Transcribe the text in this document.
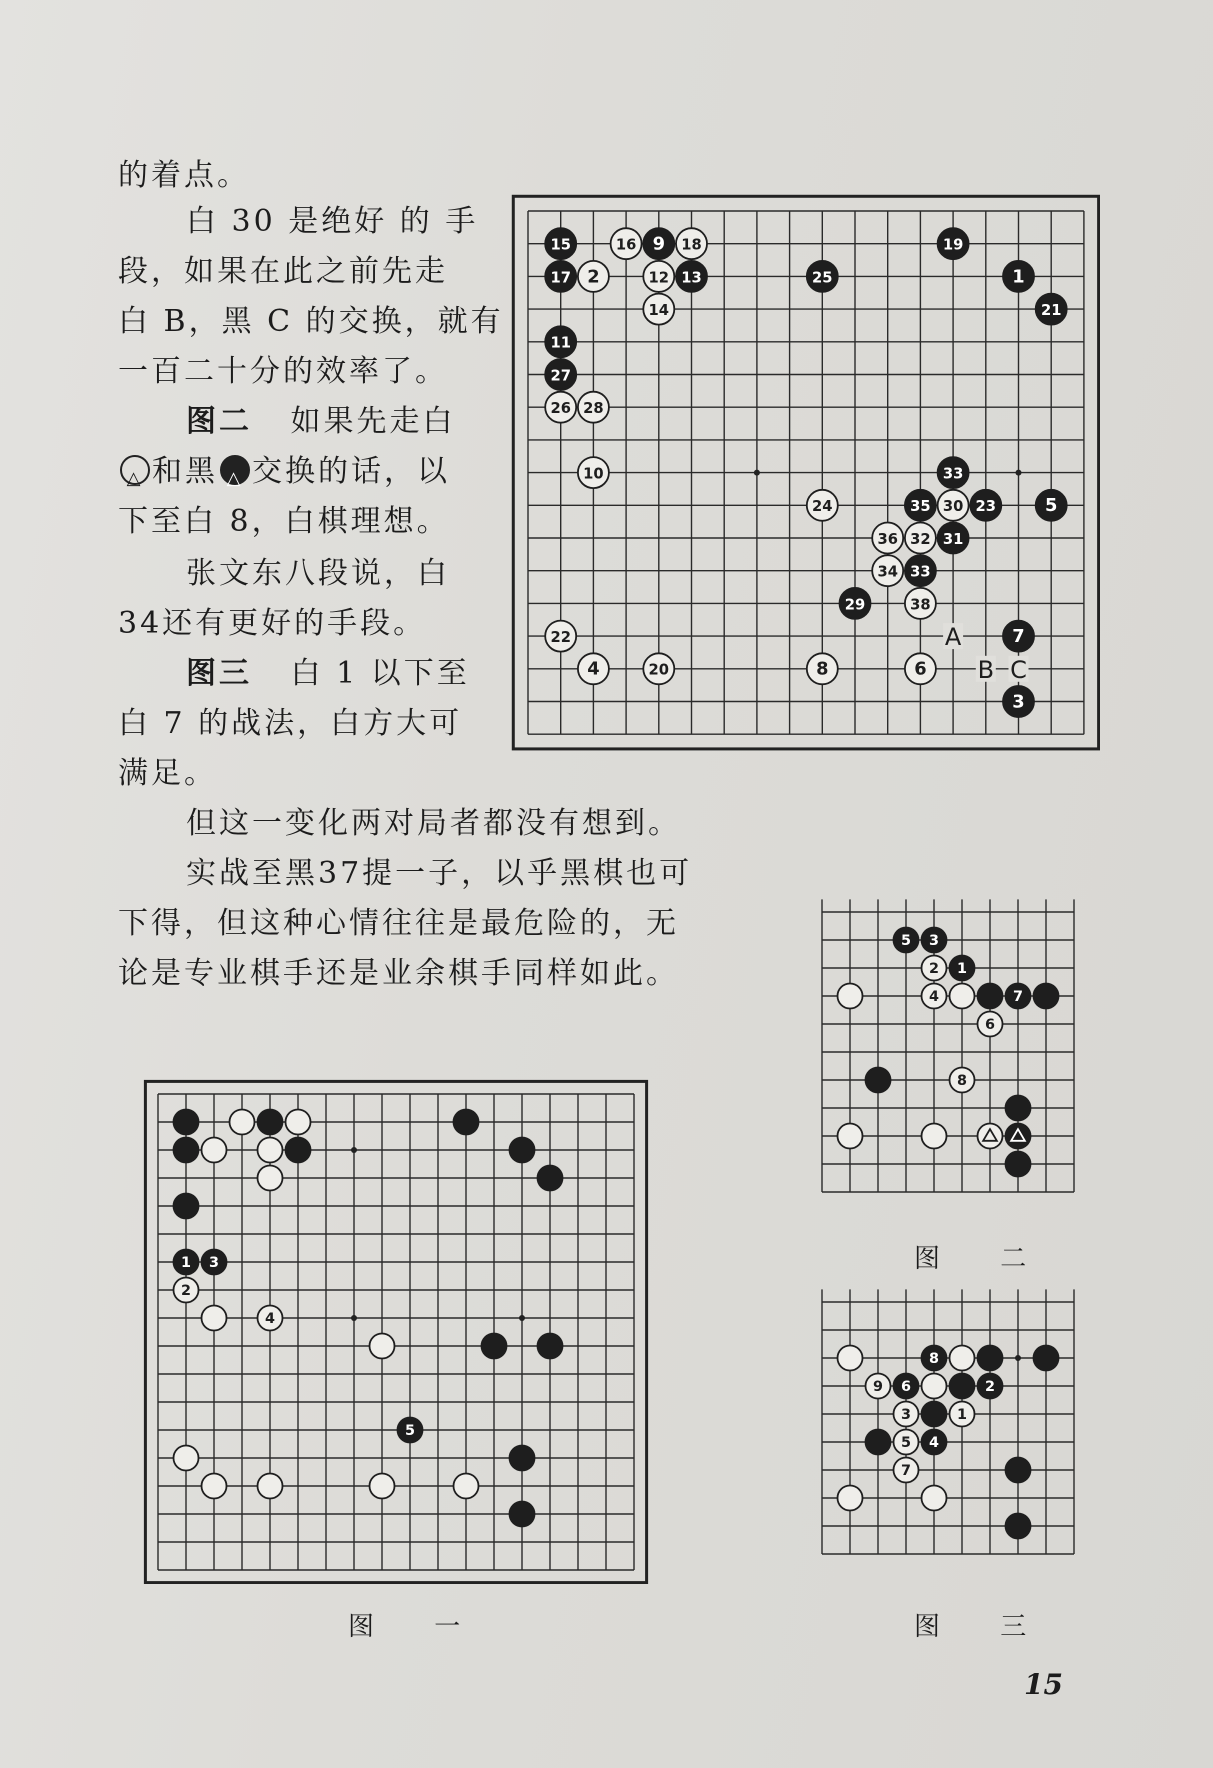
的着点。
白 30 是绝好 的 手
段，如果在此之前先走
白 B，黑 C 的交换，就有
一百二十分的效率了。
图二 如果先走白
△和黑 △ 交换的话，以
下至白 8，白棋理想。
张文东八段说，白
34还有更好的手段。
图三 白 1 以下至
白 7 的战法，白方大可
满足。
但这一变化两对局者都没有想到。
实战至黑37提一子，以乎黑棋也可
下得，但这种心情往往是最危险的，无
论是专业棋手还是业余棋手同样如此。
15	16 9 18	19
17 2	12 13	25	1
14	21
11
27
26 28
10	33
24	35 30 23	5
36 32 31
34 33
29	38
22	7
4	20	8	6
3
A
B C
1 3
2
4
5
5 3
2 1
4	7
6
8
8
9 6	2
3	1
5 4
7
图 一
图 二
图 三
15
